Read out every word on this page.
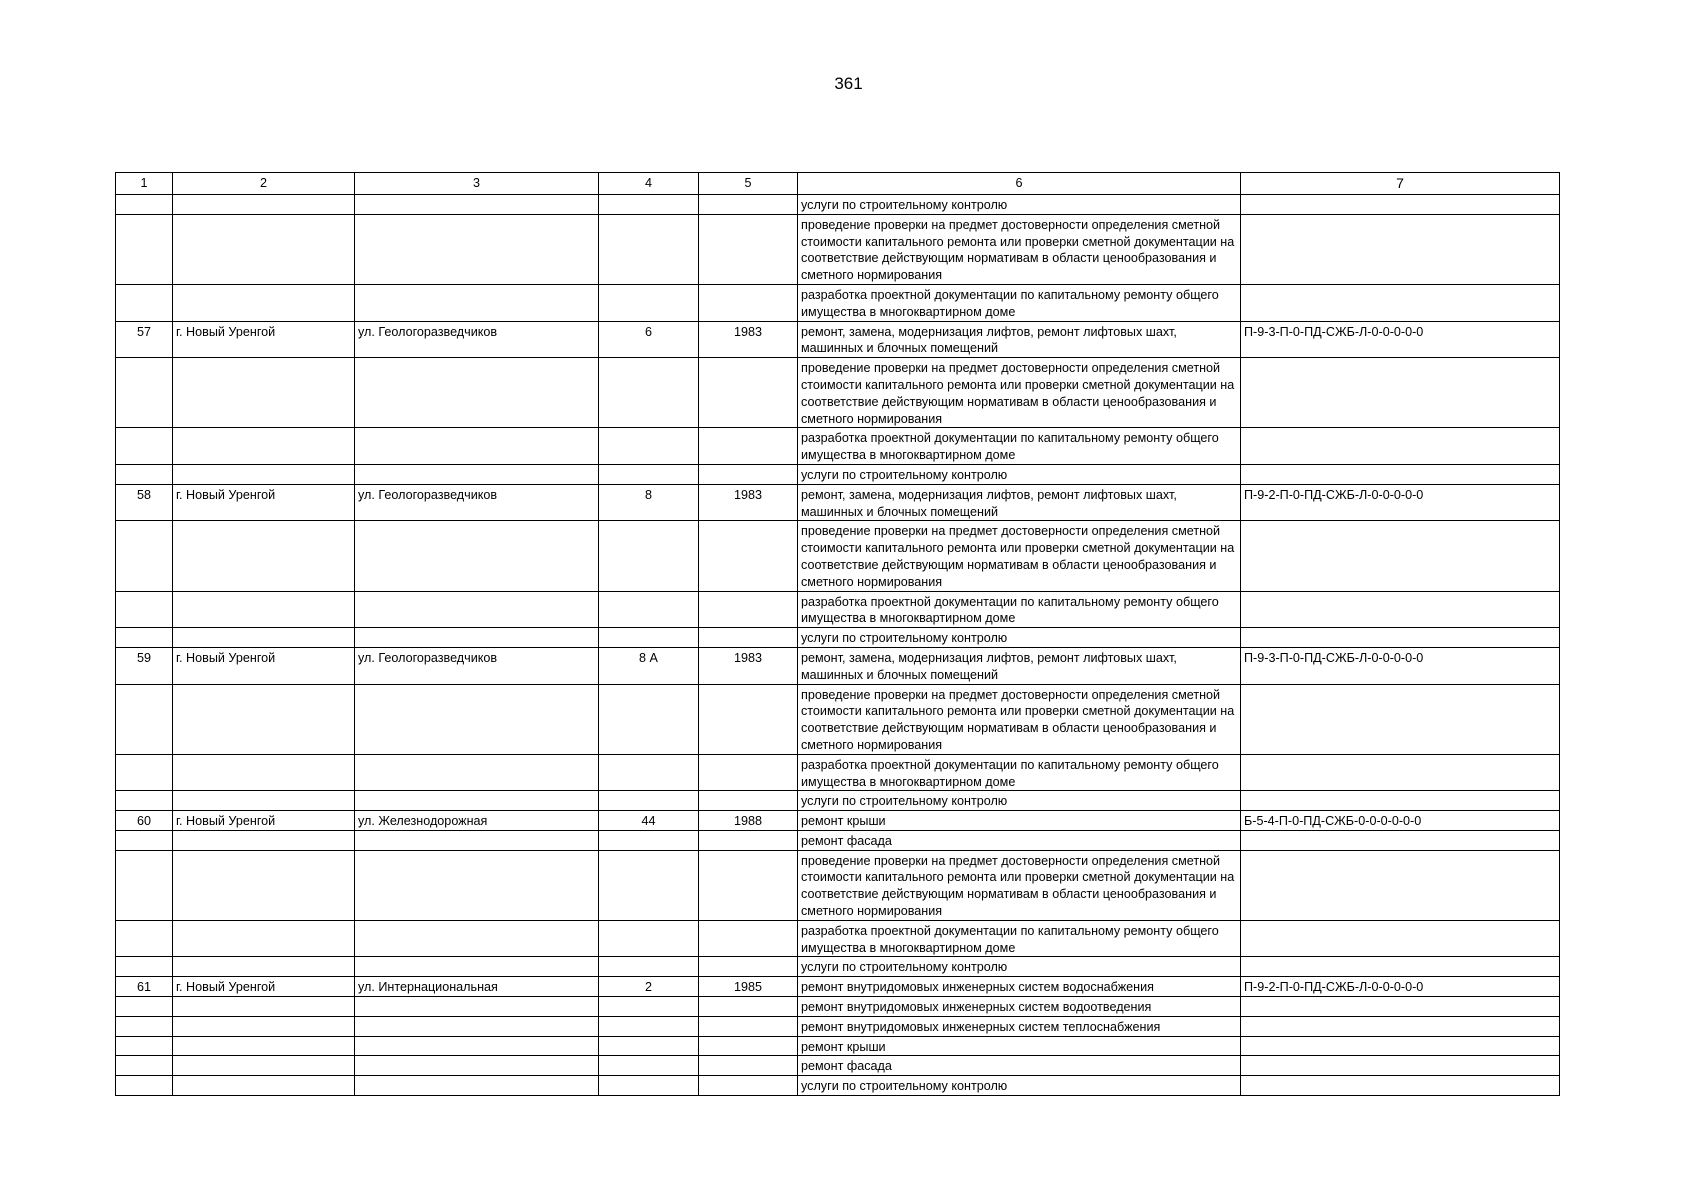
361
1	2	3	4	5	6	7
					услуги по строительному контролю	
					проведение проверки на предмет достоверности определения сметной стоимости капитального ремонта или проверки сметной документации на соответствие действующим нормативам в области ценообразования и сметного нормирования	
					разработка проектной документации по капитальному ремонту общего имущества в многоквартирном доме	
57	г. Новый Уренгой	ул. Геологоразведчиков	6	1983	ремонт, замена, модернизация лифтов, ремонт лифтовых шахт, машинных и блочных помещений	П-9-3-П-0-ПД-СЖБ-Л-0-0-0-0-0
					проведение проверки на предмет достоверности определения сметной стоимости капитального ремонта или проверки сметной документации на соответствие действующим нормативам в области ценообразования и сметного нормирования	
					разработка проектной документации по капитальному ремонту общего имущества в многоквартирном доме	
					услуги по строительному контролю	
58	г. Новый Уренгой	ул. Геологоразведчиков	8	1983	ремонт, замена, модернизация лифтов, ремонт лифтовых шахт, машинных и блочных помещений	П-9-2-П-0-ПД-СЖБ-Л-0-0-0-0-0
					проведение проверки на предмет достоверности определения сметной стоимости капитального ремонта или проверки сметной документации на соответствие действующим нормативам в области ценообразования и сметного нормирования	
					разработка проектной документации по капитальному ремонту общего имущества в многоквартирном доме	
					услуги по строительному контролю	
59	г. Новый Уренгой	ул. Геологоразведчиков	8 А	1983	ремонт, замена, модернизация лифтов, ремонт лифтовых шахт, машинных и блочных помещений	П-9-3-П-0-ПД-СЖБ-Л-0-0-0-0-0
					проведение проверки на предмет достоверности определения сметной стоимости капитального ремонта или проверки сметной документации на соответствие действующим нормативам в области ценообразования и сметного нормирования	
					разработка проектной документации по капитальному ремонту общего имущества в многоквартирном доме	
					услуги по строительному контролю	
60	г. Новый Уренгой	ул. Железнодорожная	44	1988	ремонт крыши	Б-5-4-П-0-ПД-СЖБ-0-0-0-0-0-0
					ремонт фасада	
					проведение проверки на предмет достоверности определения сметной стоимости капитального ремонта или проверки сметной документации на соответствие действующим нормативам в области ценообразования и сметного нормирования	
					разработка проектной документации по капитальному ремонту общего имущества в многоквартирном доме	
					услуги по строительному контролю	
61	г. Новый Уренгой	ул. Интернациональная	2	1985	ремонт внутридомовых инженерных систем водоснабжения	П-9-2-П-0-ПД-СЖБ-Л-0-0-0-0-0
					ремонт внутридомовых инженерных систем водоотведения	
					ремонт внутридомовых инженерных систем теплоснабжения	
					ремонт крыши	
					ремонт фасада	
					услуги по строительному контролю	
